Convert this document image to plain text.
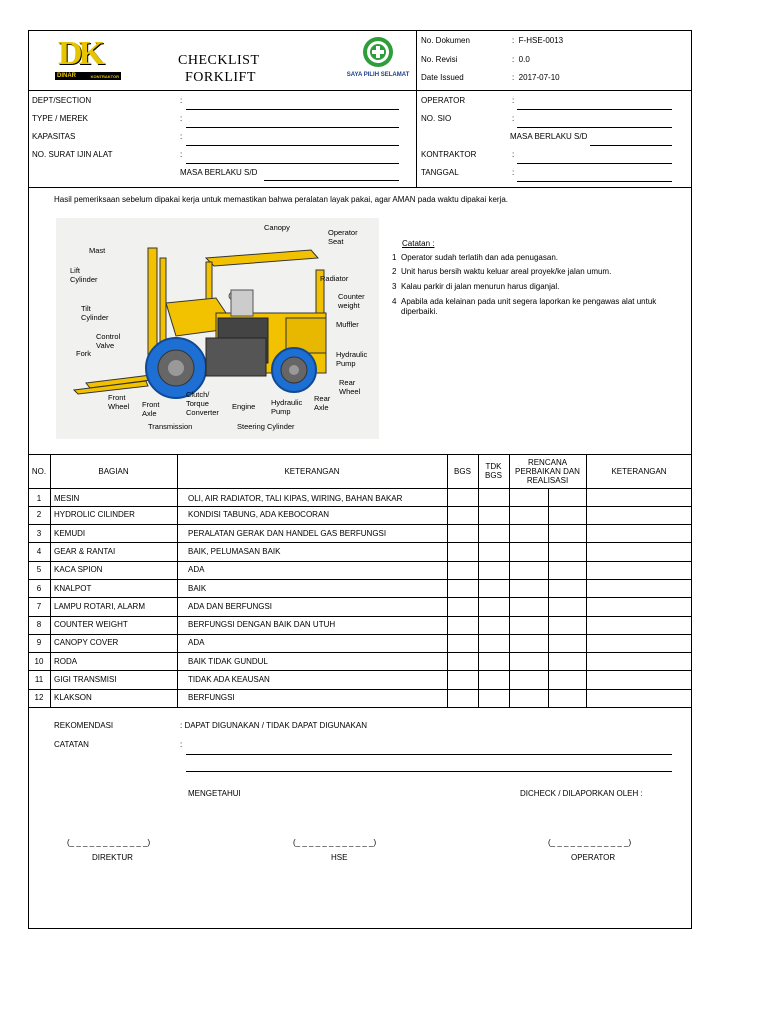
DK
DINAR	KONTRAKTOR
CHECKLIST
FORKLIFT	SAYA PILIH SELAMAT
No. Dokumen	:  F-HSE-0013
No. Revisi	:  0.0
Date Issued	:  2017-07-10
DEPT/SECTION	:
TYPE / MEREK	:
KAPASITAS	:
NO. SURAT IJIN ALAT	:
MASA BERLAKU S/D
OPERATOR	:
NO. SIO	:
MASA BERLAKU S/D
KONTRAKTOR	:
TANGGAL	:
Hasil pemeriksaan sebelum dipakai kerja untuk memastikan bahwa peralatan layak pakai, agar AMAN pada waktu dipakai kerja.
Canopy
Operator Seat
Mast
Lift Cylinder	Radiator
Counter weight
Tilt Cylinder
Muffler
Control Valve
Fork	Hydraulic Pump
Rear Wheel
Front Wheel	Front Axle
Clutch/ Torque Converter
Engine Hydraulic Pump
Rear Axle
Transmission	Steering Cylinder
Catatan :
1 Operator sudah terlatih dan ada penugasan.
2 Unit harus bersih waktu keluar areal proyek/ke jalan umum.
3 Kalau parkir di jalan menurun harus diganjal.
4 Apabila ada kelainan pada unit segera laporkan ke pengawas alat untuk diperbaiki.
NO.	BAGIAN	KETERANGAN	BGS	TDK BGS
RENCANA PERBAIKAN DAN REALISASI
KETERANGAN
1	MESIN	OLI, AIR RADIATOR, TALI KIPAS, WIRING, BAHAN BAKAR
2	HYDROLIC CILINDER	KONDISI TABUNG, ADA KEBOCORAN
3	KEMUDI	PERALATAN GERAK DAN HANDEL GAS BERFUNGSI
4	GEAR & RANTAI	BAIK, PELUMASAN BAIK
5	KACA SPION	ADA
6	KNALPOT	BAIK
7	LAMPU ROTARI, ALARM	ADA DAN BERFUNGSI
8	COUNTER WEIGHT	BERFUNGSI DENGAN BAIK DAN UTUH
9	CANOPY COVER	ADA
10	RODA	BAIK TIDAK GUNDUL
11	GIGI TRANSMISI	TIDAK ADA KEAUSAN
12	KLAKSON	BERFUNGSI
REKOMENDASI	: DAPAT DIGUNAKAN / TIDAK DAPAT DIGUNAKAN
CATATAN	:
MENGETAHUI	DICHECK / DILAPORKAN OLEH :
(_ _ _ _ _ _ _ _ _ _ _ _)	(_ _ _ _ _ _ _ _ _ _ _ _)	(_ _ _ _ _ _ _ _ _ _ _ _)
DIREKTUR	HSE	OPERATOR
